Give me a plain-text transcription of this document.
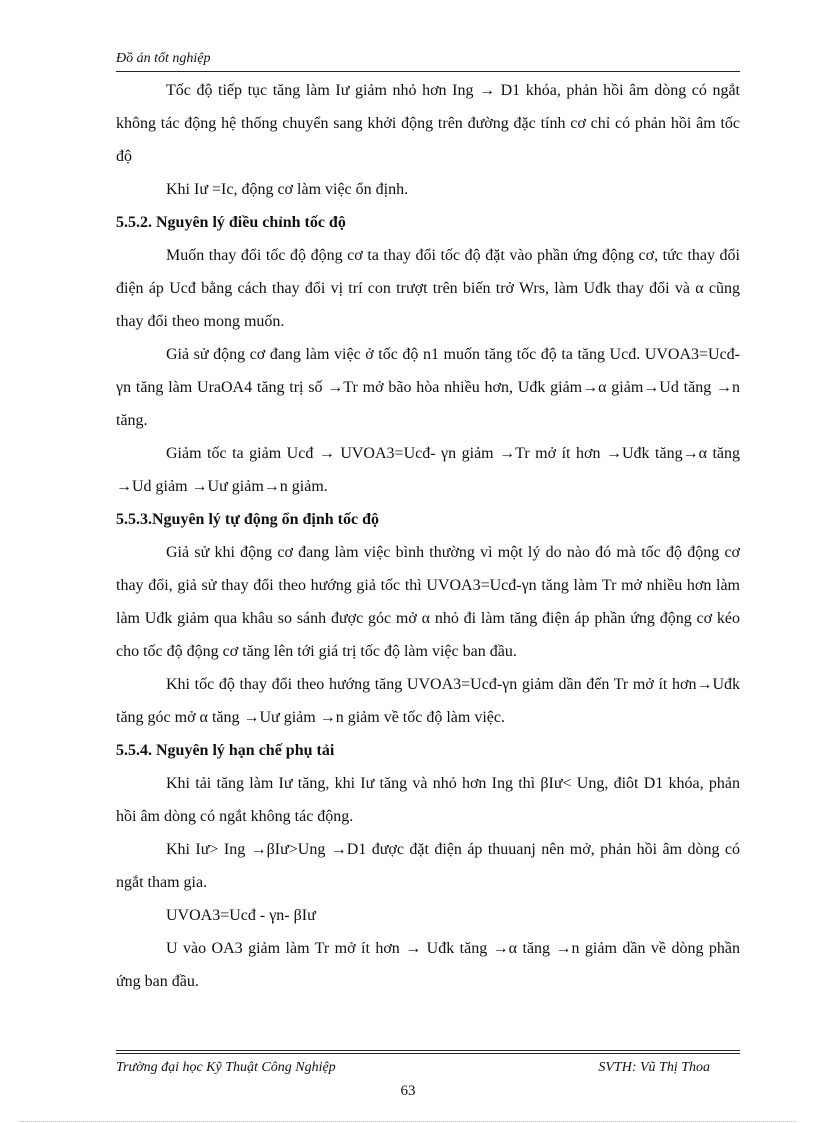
Đồ án tốt nghiệp

Tốc độ tiếp tục tăng làm Iư giảm nhỏ hơn Ing → D1 khóa, phản hồi âm dòng có ngắt không tác động hệ thống chuyển sang khởi động trên đường đặc tính cơ chỉ có phản hồi âm tốc độ

Khi Iư =Ic, động cơ làm việc ổn định.

5.5.2. Nguyên lý điều chỉnh tốc độ

Muốn thay đổi tốc độ động cơ ta thay đổi tốc độ đặt vào phần ứng động cơ, tức thay đổi điện áp Ucđ bằng cách thay đổi vị trí con trượt trên biến trở Wrs, làm Uđk thay đổi và α cũng thay đổi theo mong muốn.

Giả sử động cơ đang làm việc ở tốc độ n1 muốn tăng tốc độ ta tăng Ucđ. UVOA3=Ucđ-γn tăng làm UraOA4 tăng trị số →Tr mở bão hòa nhiều hơn, Uđk giảm→α giảm→Ud tăng →n tăng.

Giảm tốc ta giảm Ucđ → UVOA3=Ucđ- γn giảm →Tr mở ít hơn →Uđk tăng→α tăng →Ud giảm →Uư giảm→n giảm.

5.5.3.Nguyên lý tự động ổn định tốc độ

Giả sử khi động cơ đang làm việc bình thường vì một lý do nào đó mà tốc độ động cơ thay đổi, giả sử thay đổi theo hướng giả tốc thì UVOA3=Ucđ-γn tăng làm Tr mở nhiều hơn làm làm Uđk giảm qua khâu so sánh được góc mở α nhỏ đi làm tăng điện áp phần ứng động cơ kéo cho tốc độ động cơ tăng lên tới giá trị tốc độ làm việc ban đầu.

Khi tốc độ thay đổi theo hướng tăng UVOA3=Ucđ-γn giảm dần đến Tr mở ít hơn→Uđk tăng góc mở α tăng →Uư giảm →n giảm về tốc độ làm việc.

5.5.4. Nguyên lý hạn chế phụ tải

Khi tải tăng làm Iư tăng, khi Iư tăng và nhỏ hơn Ing thì βIư< Ung, điôt D1 khóa, phản hồi âm dòng có ngắt không tác động.

Khi Iư> Ing →βIư>Ung →D1 được đặt điện áp thuuanj nên mở, phản hồi âm dòng có ngắt tham gia.

UVOA3=Ucđ - γn- βIư

U vào OA3 giảm làm Tr mở ít hơn → Uđk tăng →α tăng →n giảm dần về dòng phần ứng ban đầu.

Trường đại học Kỹ Thuật Công Nghiệp	SVTH: Vũ Thị Thoa
63
